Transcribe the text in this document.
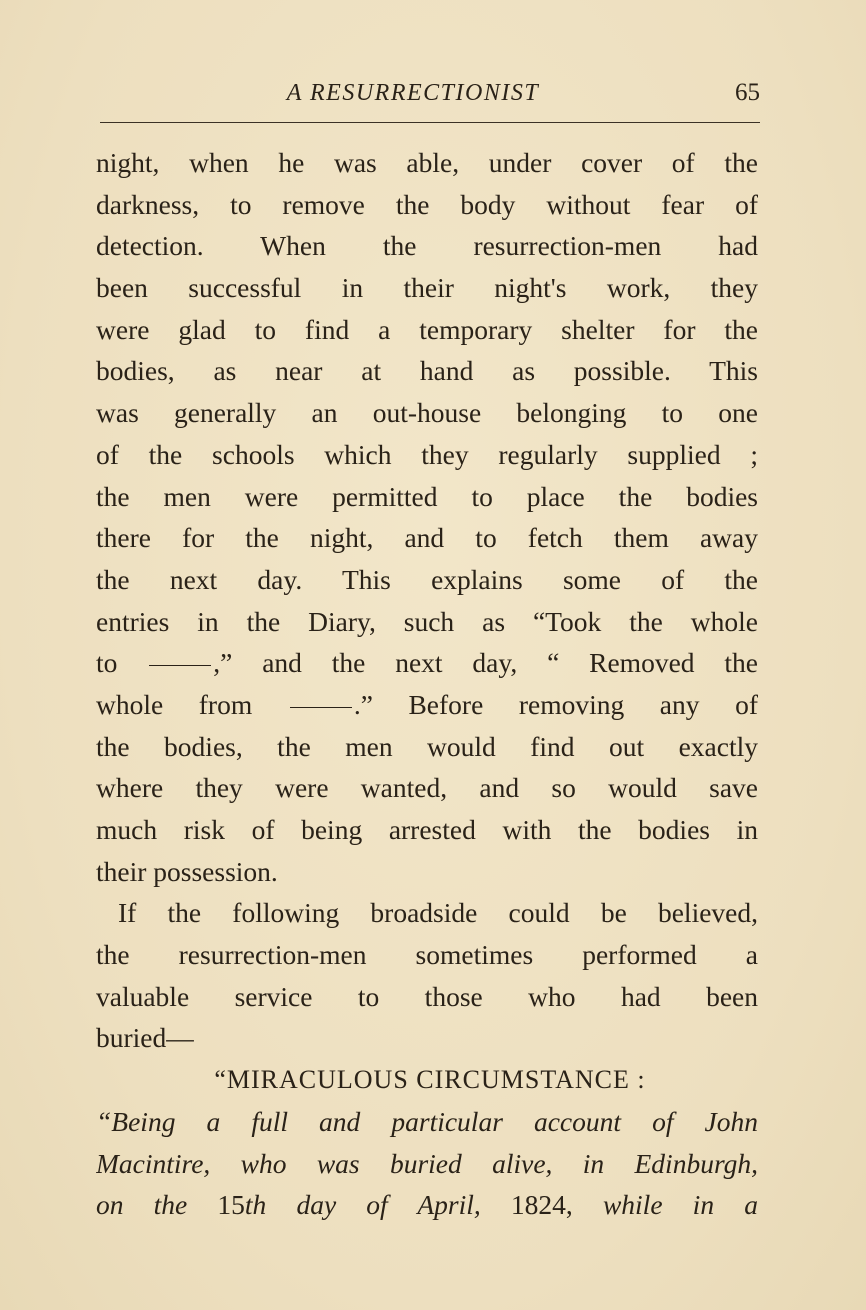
A RESURRECTIONIST	65
night, when he was able, under cover of the
darkness, to remove the body without fear of
detection. When the resurrection-men had
been successful in their night's work, they
were glad to find a temporary shelter for the
bodies, as near at hand as possible. This
was generally an out-house belonging to one
of the schools which they regularly supplied ;
the men were permitted to place the bodies
there for the night, and to fetch them away
the next day. This explains some of the
entries in the Diary, such as “Took the whole
to	,” and the next day, “ Removed the
whole from	.” Before removing any of
the bodies, the men would find out exactly
where they were wanted, and so would save
much risk of being arrested with the bodies in
their possession.
If the following broadside could be believed,
the resurrection-men sometimes performed a
valuable service to those who had been
buried—
“MIRACULOUS CIRCUMSTANCE :
“Being a full and particular account of John
Macintire, who was buried alive, in Edinburgh,
on the 15th day of April, 1824, while in a
